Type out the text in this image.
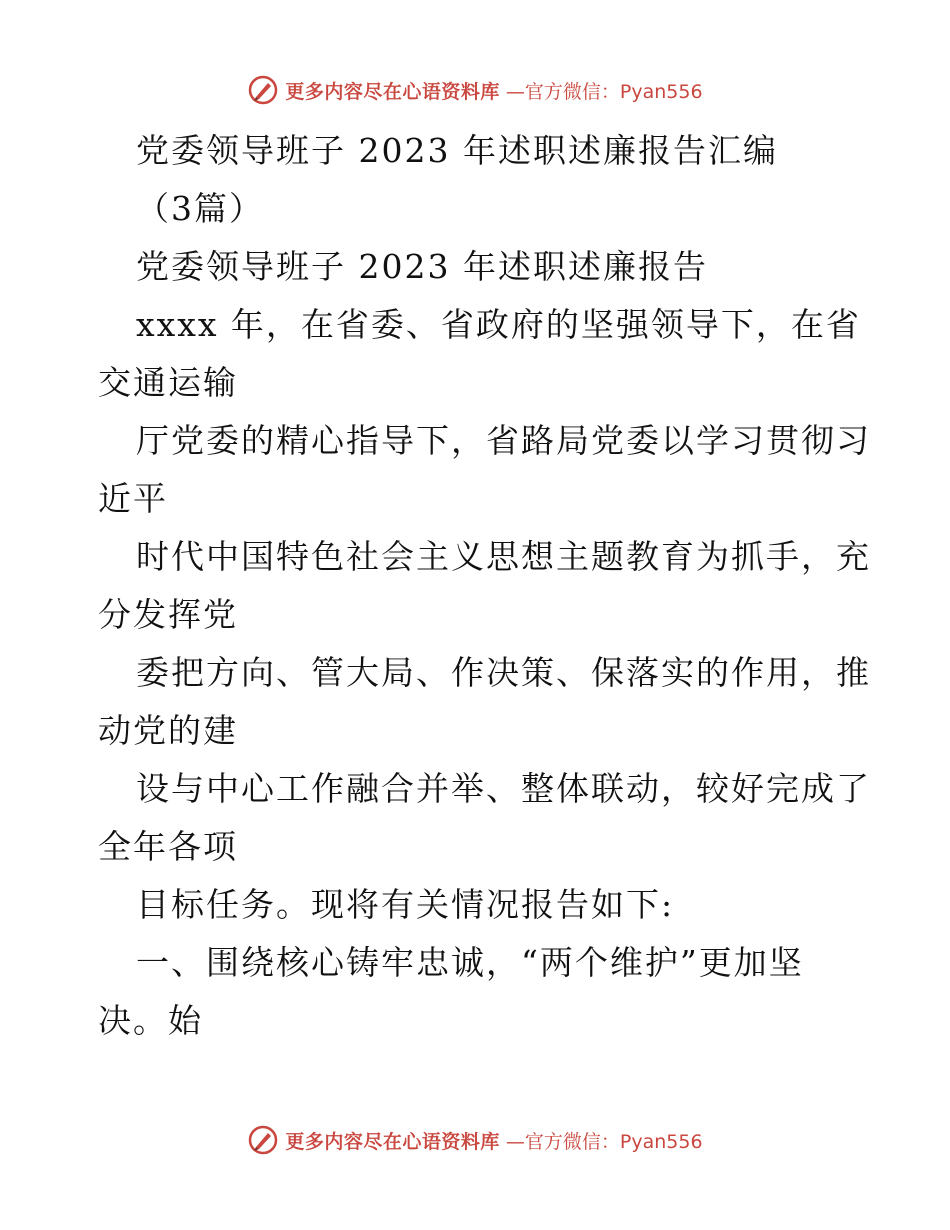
更多内容尽在心语资料库 —官方微信：Pyan556
党委领导班子 2023 年述职述廉报告汇编
（3篇）
党委领导班子 2023 年述职述廉报告
xxxx 年，在省委、省政府的坚强领导下，在省
交通运输
厅党委的精心指导下，省路局党委以学习贯彻习
近平
时代中国特色社会主义思想主题教育为抓手，充
分发挥党
委把方向、管大局、作决策、保落实的作用，推
动党的建
设与中心工作融合并举、整体联动，较好完成了
全年各项
目标任务。现将有关情况报告如下:
一、围绕核心铸牢忠诚，“两个维护”更加坚
决。始
更多内容尽在心语资料库 —官方微信：Pyan556
